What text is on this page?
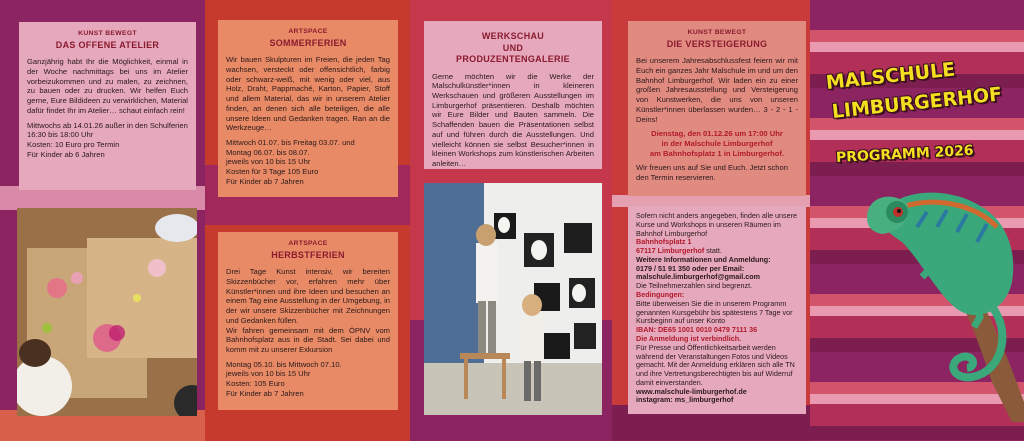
KUNST BEWEGT
DAS OFFENE ATELIER

Ganzjährig habt Ihr die Möglichkeit, einmal in der Woche nachmittags bei uns im Atelier vorbeizukommen und zu malen, zu zeichnen, zu bauen oder zu drucken. Wir helfen Euch gerne, Eure Bildideen zu verwirklichen, Material dafür findet Ihr im Atelier… schaut einfach rein!

Mittwochs ab 14.01.26 außer in den Schulferien
16:30 bis 18:00 Uhr
Kosten: 10 Euro pro Termin
Für Kinder ab 6 Jahren
ARTSPACE
SOMMERFERIEN

Wir bauen Skulpturen im Freien, die jeden Tag wachsen, versteckt oder offensichtlich, farbig oder schwarz-weiß, mit wenig oder viel, aus Holz, Draht, Pappmaché, Karton, Papier, Stoff und allem Material, das wir in unserem Atelier finden, an denen sich alle beteiligen, die alle unsere Ideen und Gedanken tragen. Ran an die Werkzeuge…

Mittwoch 01.07. bis Freitag 03.07. und
Montag 06.07. bis 08.07.
jeweils von 10 bis 15 Uhr
Kosten für 3 Tage 105 Euro
Für Kinder ab 7 Jahren
ARTSPACE
HERBSTFERIEN

Drei Tage Kunst intensiv, wir bereiten Skizzenbücher vor, erfahren mehr über Künstler*innen und ihre Ideen und besuchen an einem Tag eine Ausstellung in der Umgebung, in der wir unsere Skizzenbücher mit Zeichnungen und Gedanken füllen.

Wir fahren gemeinsam mit dem ÖPNV vom Bahnhofsplatz aus in die Stadt. Sei dabei und komm mit zu unserer Exkursion

Montag 05.10. bis Mittwoch 07.10.
jeweils von 10 bis 15 Uhr
Kosten: 105 Euro
Für Kinder ab 7 Jahren
WERKSCHAU
UND
PRODUZENTENGALERIE

Gerne möchten wir die Werke der Malschulkünstler*innen in kleineren Werkschauen und größeren Ausstellungen im Limburgerhof präsentieren. Deshalb möchten wir Eure Bilder und Bauten sammeln. Die Schaffenden bauen die Präsentationen selbst auf und führen durch die Ausstellungen. Und vielleicht können sie selbst Besucher*innen in kleinen Workshops zum künstlerischen Arbeiten anleiten…

KUNST BEWEGT
DIE VERSTEIGERUNG

Bei unserem Jahresabschlussfest feiern wir mit Euch ein ganzes Jahr Malschule im und um den Bahnhof Limburgerhof. Wir laden ein zu einer großen Jahresausstellung und Versteigerung von Kunstwerken, die uns von unseren Künstler*innen überlassen wurden… 3 - 2 - 1 - Deins!

Dienstag, den 01.12.26 um 17:00 Uhr
in der Malschule Limburgerhof
am Bahnhofsplatz 1 in Limburgerhof.

Wir freuen uns auf Sie und Euch. Jetzt schon den Termin reservieren.

Sofern nicht anders angegeben, finden alle unsere Kurse und Workshops in unseren Räumen im Bahnhof Limburgerhof
Bahnhofsplatz 1
67117 Limburgerhof statt.
Weitere Informationen und Anmeldung:
0179 / 51 91 350 oder per Email:
malschule.limburgerhof@gmail.com
Die Teilnehmerzahlen sind begrenzt.
Bedingungen:
Bitte überweisen Sie die in unserem Programm genannten Kursgebühr bis spätestens 7 Tage vor Kursbeginn auf unser Konto
IBAN: DE65 1001 0010 0479 7111 36
Die Anmeldung ist verbindlich.
Für Presse und Öffentlichkeitsarbeit werden während der Veranstaltungen Fotos und Videos gemacht. Mit der Anmeldung erklären sich alle TN und ihre Vertretungsberechtigten bis auf Widerruf damit einverstanden.
www.malschule-limburgerhof.de
instagram: ms_limburgerhof
MALSCHULE
LIMBURGERHOF
PROGRAMM 2026
